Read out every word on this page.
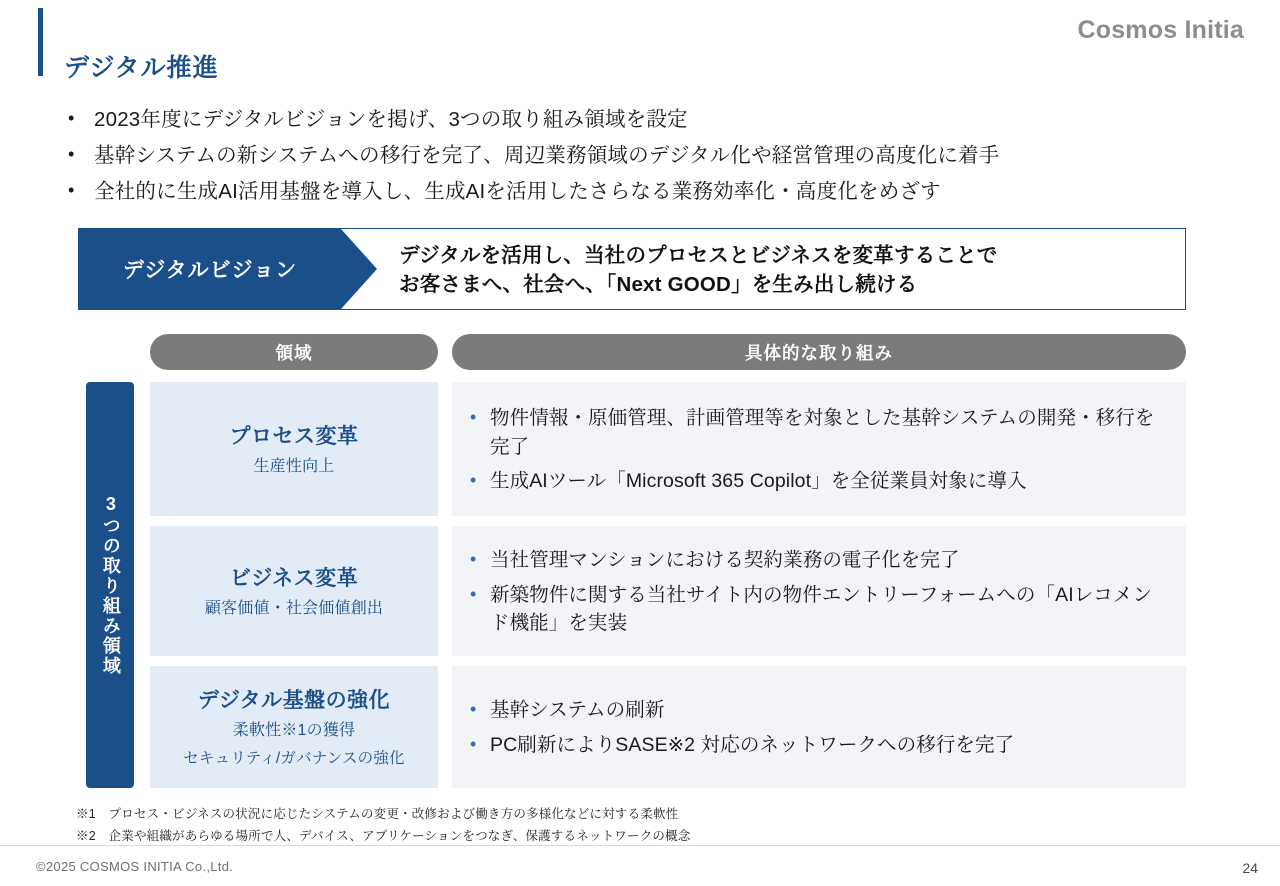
Cosmos Initia
デジタル推進
• 2023年度にデジタルビジョンを掲げ、3つの取り組み領域を設定
• 基幹システムの新システムへの移行を完了、周辺業務領域のデジタル化や経営管理の高度化に着手
• 全社的に生成AI活用基盤を導入し、生成AIを活用したさらなる業務効率化・高度化をめざす
デジタルビジョン
デジタルを活用し、当社のプロセスとビジネスを変革することで
お客さまへ、社会へ、「Next GOOD」を生み出し続ける
領域	具体的な取り組み
3つの取り組み領域
プロセス変革
生産性向上
• 物件情報・原価管理、計画管理等を対象とした基幹システムの開発・移行を完了
• 生成AIツール「Microsoft 365 Copilot」を全従業員対象に導入
ビジネス変革
顧客価値・社会価値創出
• 当社管理マンションにおける契約業務の電子化を完了
• 新築物件に関する当社サイト内の物件エントリーフォームへの「AIレコメンド機能」を実装
デジタル基盤の強化
柔軟性※1の獲得
セキュリティ/ガバナンスの強化
• 基幹システムの刷新
• PC刷新によりSASE※2 対応のネットワークへの移行を完了
※1　プロセス・ビジネスの状況に応じたシステムの変更・改修および働き方の多様化などに対する柔軟性
※2　企業や組織があらゆる場所で人、デバイス、アプリケーションをつなぎ、保護するネットワークの概念
©2025 COSMOS INITIA Co.,Ltd.	24
